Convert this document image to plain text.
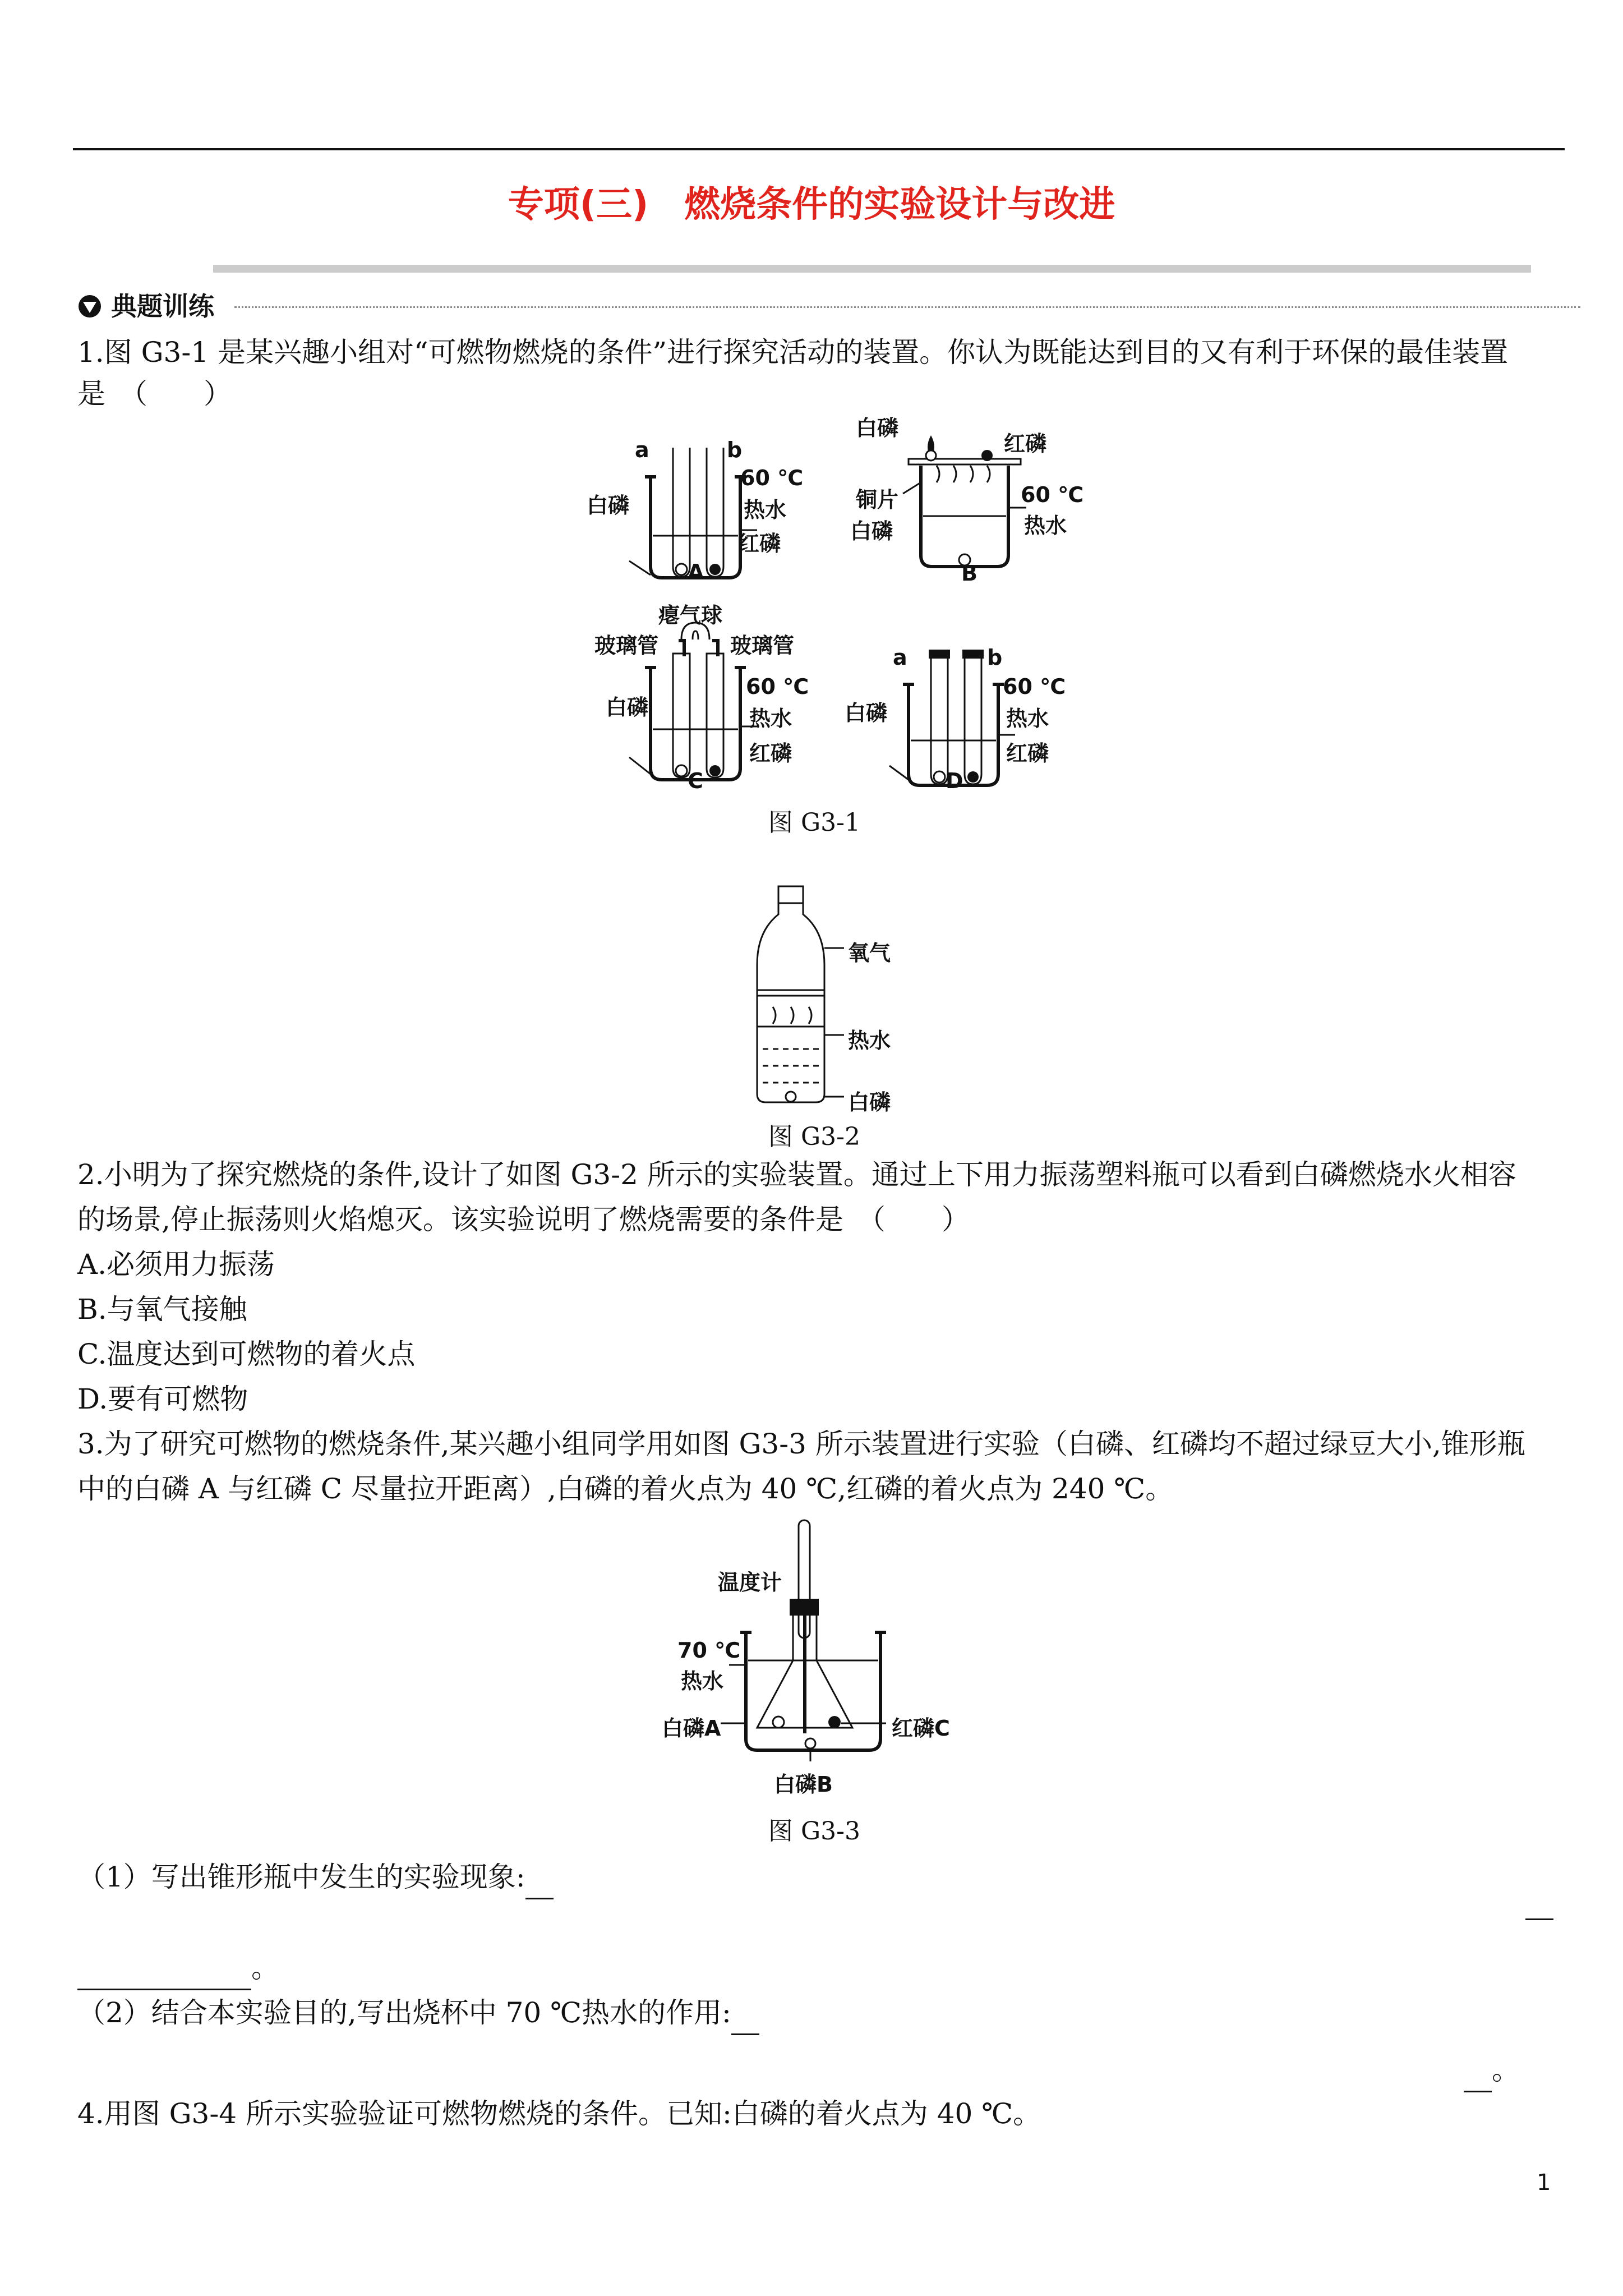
专项(三)　燃烧条件的实验设计与改进
典题训练
1.图 G3-1 是某兴趣小组对“可燃物燃烧的条件”进行探究活动的装置。你认为既能达到目的又有利于环保的最佳装置
是　（　　）
a	b
60 ℃
热水
白磷
红磷
A
白磷
红磷
铜片	60 ℃
热水
白磷
B
瘪气球
玻璃管	玻璃管
60 ℃
热水
白磷
红磷
C
a	b
60 ℃
热水
白磷
红磷
D
图 G3-1
氧气
热水
白磷
图 G3-2
2.小明为了探究燃烧的条件,设计了如图 G3-2 所示的实验装置。通过上下用力振荡塑料瓶可以看到白磷燃烧水火相容
的场景,停止振荡则火焰熄灭。该实验说明了燃烧需要的条件是　（　　）
A.必须用力振荡
B.与氧气接触
C.温度达到可燃物的着火点
D.要有可燃物
3.为了研究可燃物的燃烧条件,某兴趣小组同学用如图 G3-3 所示装置进行实验（白磷、红磷均不超过绿豆大小,锥形瓶
中的白磷 A 与红磷 C 尽量拉开距离）,白磷的着火点为 40 ℃,红磷的着火点为 240 ℃。
温度计
70 ℃
热水
白磷A	红磷C
白磷B
图 G3-3
（1）写出锥形瓶中发生的实验现象:
。
（2）结合本实验目的,写出烧杯中 70 ℃热水的作用:
。
4.用图 G3-4 所示实验验证可燃物燃烧的条件。已知:白磷的着火点为 40 ℃。
1
